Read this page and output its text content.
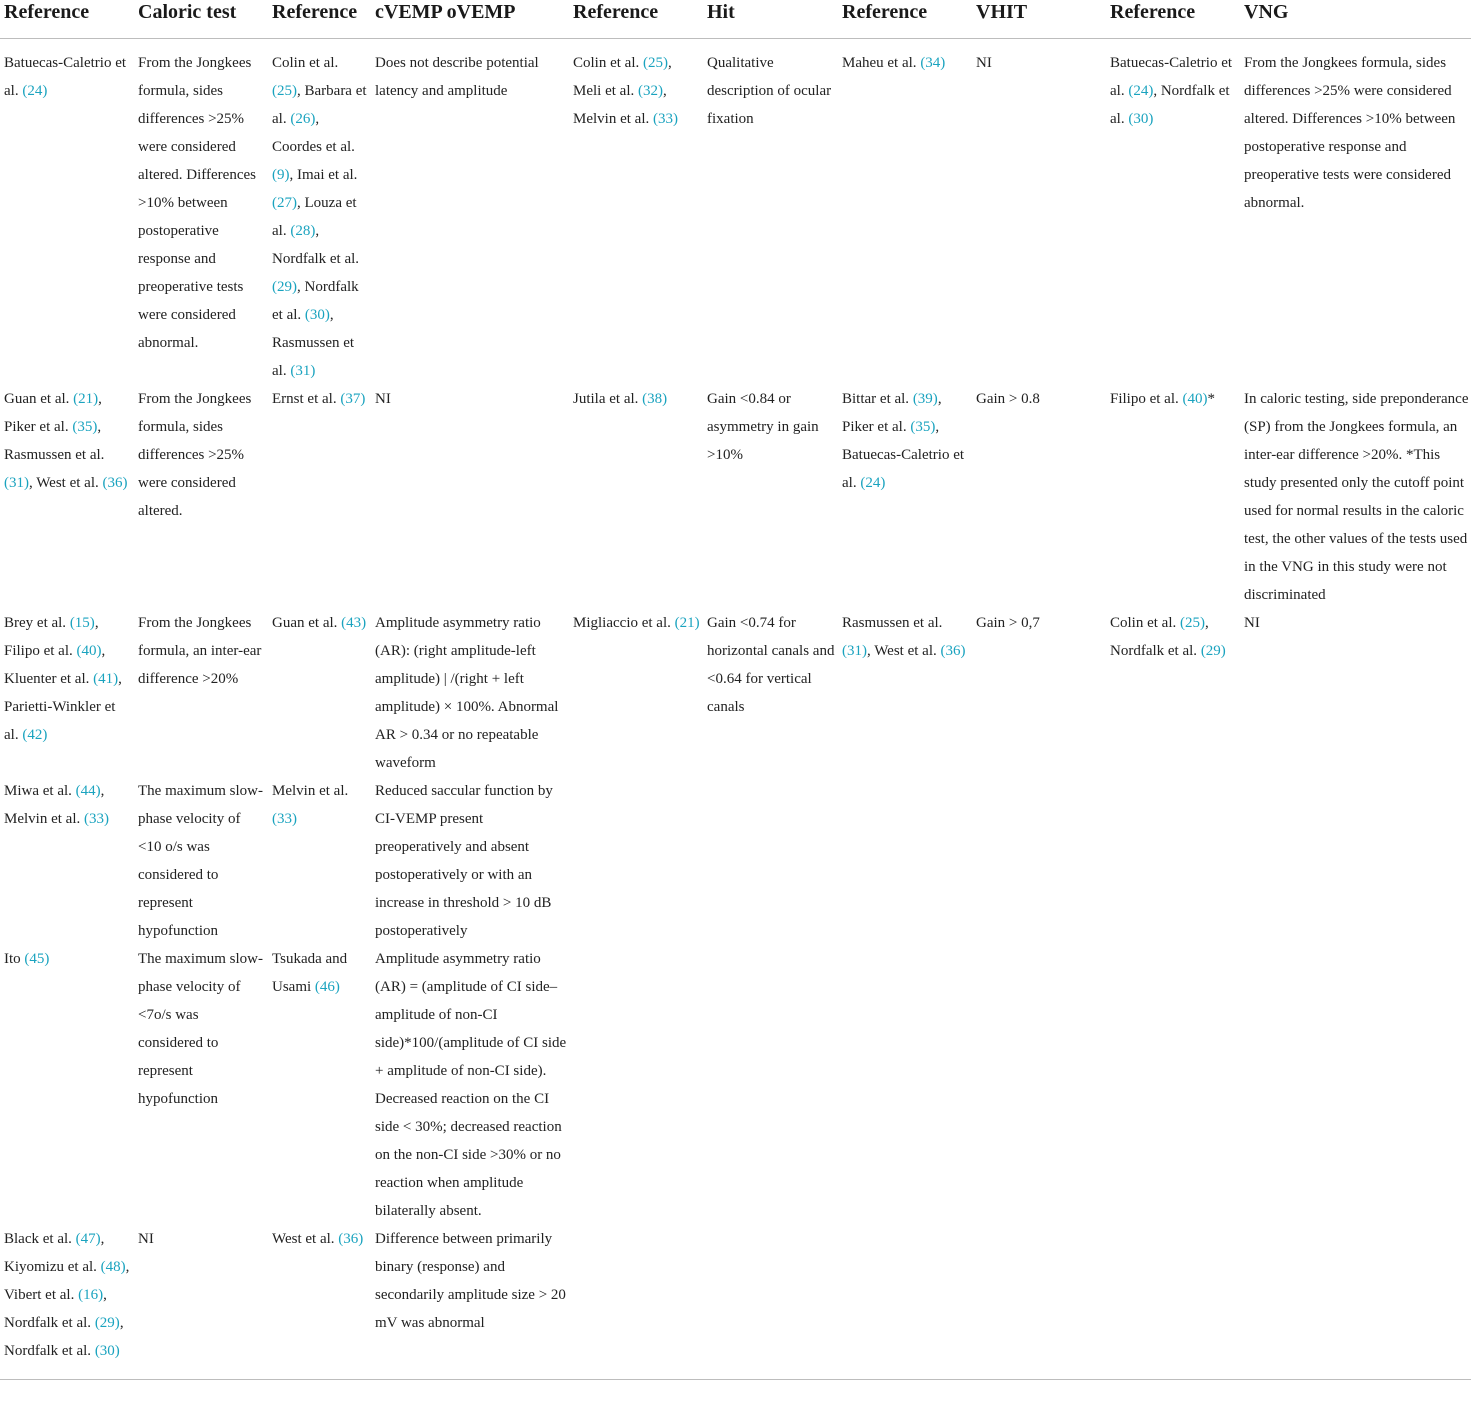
Reference	Caloric test	Reference	cVEMP oVEMP	Reference	Hit	Reference	VHIT	Reference	VNG

Batuecas-Caletrio et al. (24)	From the Jongkees formula, sides differences >25% were considered altered. Differences >10% between postoperative response and preoperative tests were considered abnormal.	Colin et al. (25), Barbara et al. (26), Coordes et al. (9), Imai et al. (27), Louza et al. (28), Nordfalk et al. (29), Nordfalk et al. (30), Rasmussen et al. (31)	Does not describe potential latency and amplitude	Colin et al. (25), Meli et al. (32), Melvin et al. (33)	Qualitative description of ocular fixation	Maheu et al. (34)	NI	Batuecas-Caletrio et al. (24), Nordfalk et al. (30)	From the Jongkees formula, sides differences >25% were considered altered. Differences >10% between postoperative response and preoperative tests were considered abnormal.
Guan et al. (21), Piker et al. (35), Rasmussen et al. (31), West et al. (36)	From the Jongkees formula, sides differences >25% were considered altered.	Ernst et al. (37)	NI	Jutila et al. (38)	Gain <0.84 or asymmetry in gain >10%	Bittar et al. (39), Piker et al. (35), Batuecas-Caletrio et al. (24)	Gain > 0.8	Filipo et al. (40)*	In caloric testing, side preponderance (SP) from the Jongkees formula, an inter-ear difference >20%. *This study presented only the cutoff point used for normal results in the caloric test, the other values of the tests used in the VNG in this study were not discriminated
Brey et al. (15), Filipo et al. (40), Kluenter et al. (41), Parietti-Winkler et al. (42)	From the Jongkees formula, an inter-ear difference >20%	Guan et al. (43)	Amplitude asymmetry ratio (AR): (right amplitude-left amplitude) | /(right + left amplitude) × 100%. Abnormal AR > 0.34 or no repeatable waveform	Migliaccio et al. (21)	Gain <0.74 for horizontal canals and <0.64 for vertical canals	Rasmussen et al. (31), West et al. (36)	Gain > 0,7	Colin et al. (25), Nordfalk et al. (29)	NI
Miwa et al. (44), Melvin et al. (33)	The maximum slow-phase velocity of <10 o/s was considered to represent hypofunction	Melvin et al. (33)	Reduced saccular function by CI-VEMP present preoperatively and absent postoperatively or with an increase in threshold > 10 dB postoperatively						
Ito (45)	The maximum slow-phase velocity of <7o/s was considered to represent hypofunction	Tsukada and Usami (46)	Amplitude asymmetry ratio (AR) = (amplitude of CI side–amplitude of non-CI side)*100/(amplitude of CI side + amplitude of non-CI side). Decreased reaction on the CI side < 30%; decreased reaction on the non-CI side >30% or no reaction when amplitude bilaterally absent.						
Black et al. (47), Kiyomizu et al. (48), Vibert et al. (16), Nordfalk et al. (29), Nordfalk et al. (30)	NI	West et al. (36)	Difference between primarily binary (response) and secondarily amplitude size > 20 mV was abnormal						
